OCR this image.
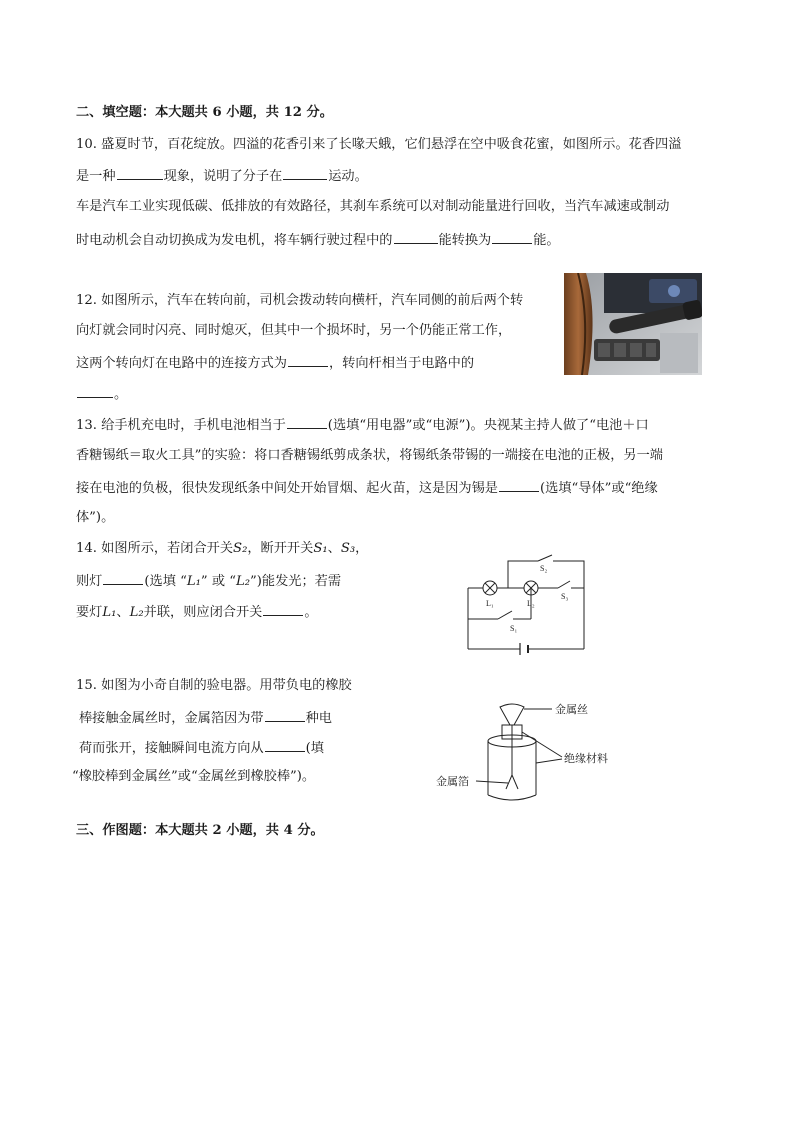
二、填空题：本大题共 6 小题，共 12 分。
10. 盛夏时节，百花绽放。四溢的花香引来了长喙天蛾，它们悬浮在空中吸食花蜜，如图所示。花香四溢
是一种	现象，说明了分子在	运动。
车是汽车工业实现低碳、低排放的有效路径，其刹车系统可以对制动能量进行回收，当汽车减速或制动
时电动机会自动切换成为发电机，将车辆行驶过程中的	能转换为	能。
12. 如图所示，汽车在转向前，司机会拨动转向横杆，汽车同侧的前后两个转
向灯就会同时闪亮、同时熄灭，但其中一个损坏时，另一个仍能正常工作，
这两个转向灯在电路中的连接方式为	，转向杆相当于电路中的
。
13. 给手机充电时，手机电池相当于	(选填“用电器”或“电源”)。央视某主持人做了“电池＋口
香糖锡纸＝取火工具”的实验：将口香糖锡纸剪成条状，将锡纸条带锡的一端接在电池的正极，另一端
接在电池的负极，很快发现纸条中间处开始冒烟、起火苗，这是因为锡是	(选填“导体”或“绝缘
体”)。
14. 如图所示，若闭合开关S₂，断开开关S₁、S₃，
则灯	(选填 “L₁” 或 “L₂”)能发光；若需
要灯L₁、L₂并联，则应闭合开关	。
S₂
S₃
L₁	L₂
S₁
15. 如图为小奇自制的验电器。用带负电的橡胶
棒接触金属丝时，金属箔因为带	种电
荷而张开，接触瞬间电流方向从	(填
“橡胶棒到金属丝”或“金属丝到橡胶棒”)。
金属丝
绝缘材料
金属箔
三、作图题：本大题共 2 小题，共 4 分。
